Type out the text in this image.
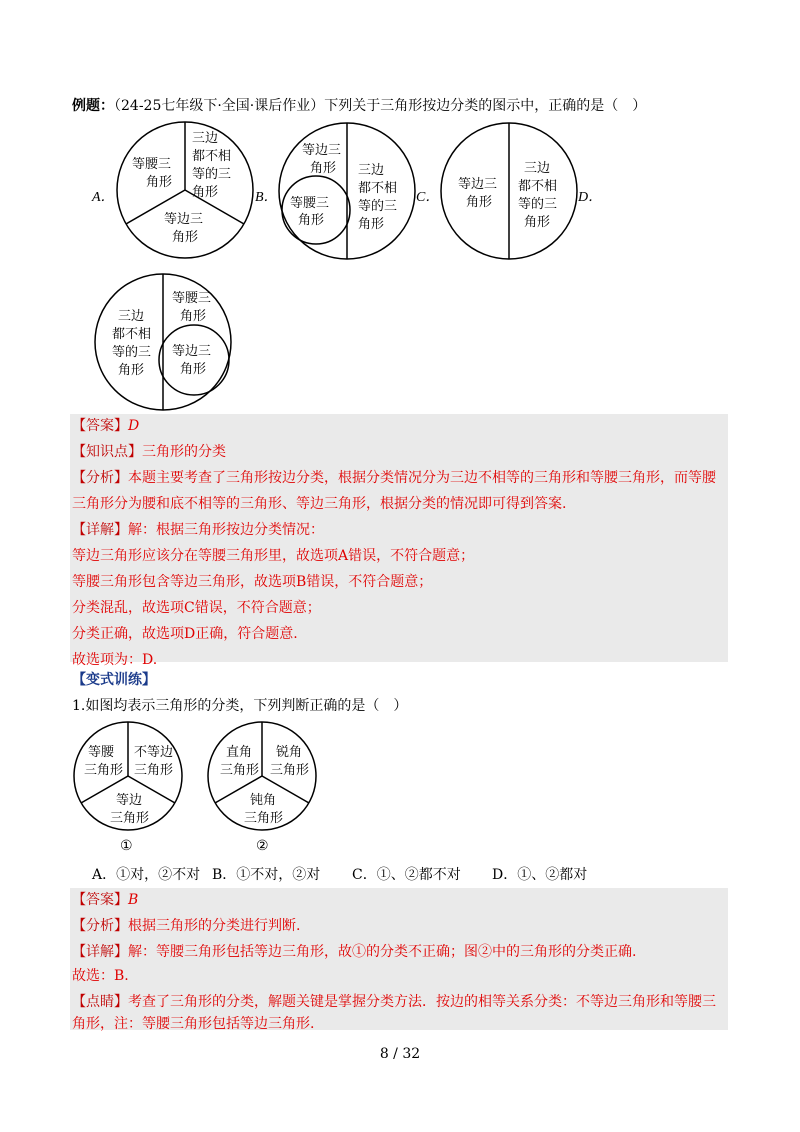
例题：（24-25七年级下·全国·课后作业）下列关于三角形按边分类的图示中，正确的是（　）
等腰三
角形
三边
都不相
等的三
角形
等边三
角形
A．
等边三
角形
等腰三
角形
三边
都不相
等的三
角形
B．
等边三
角形
三边
都不相
等的三
角形
C．	D．
三边
都不相
等的三
角形
等腰三
角形
等边三
角形
【答案】D
【知识点】三角形的分类
【分析】本题主要考查了三角形按边分类，根据分类情况分为三边不相等的三角形和等腰三角形，而等腰
三角形分为腰和底不相等的三角形、等边三角形，根据分类的情况即可得到答案.
【详解】解：根据三角形按边分类情况：
等边三角形应该分在等腰三角形里，故选项A错误，不符合题意；
等腰三角形包含等边三角形，故选项B错误，不符合题意；
分类混乱，故选项C错误，不符合题意；
分类正确，故选项D正确，符合题意.
故选项为：D.
【变式训练】
1.如图均表示三角形的分类，下列判断正确的是（　）
等腰
三角形
不等边
三角形
等边
三角形
①
直角
三角形
锐角
三角形
钝角
三角形
②
A．①对，②不对 B．①不对，②对 C．①、②都不对 D．①、②都对
【答案】B
【分析】根据三角形的分类进行判断.
【详解】解：等腰三角形包括等边三角形，故①的分类不正确；图②中的三角形的分类正确.
故选：B.
【点睛】考查了三角形的分类，解题关键是掌握分类方法．按边的相等关系分类：不等边三角形和等腰三
角形，注：等腰三角形包括等边三角形.
8 / 32
